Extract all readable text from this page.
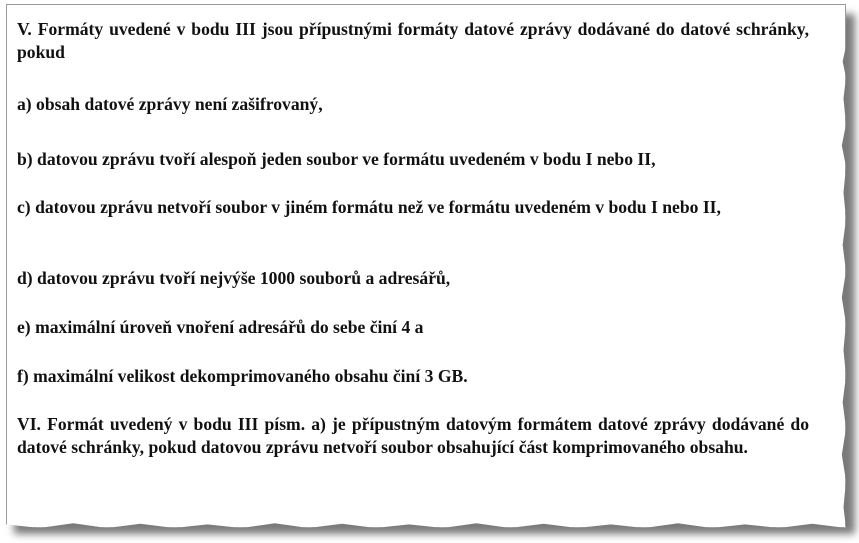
V. Formáty uvedené v bodu III jsou přípustnými formáty datové zprávy dodávané do datové schránky, pokud

a) obsah datové zprávy není zašifrovaný,

b) datovou zprávu tvoří alespoň jeden soubor ve formátu uvedeném v bodu I nebo II,

c) datovou zprávu netvoří soubor v jiném formátu než ve formátu uvedeném v bodu I nebo II,

d) datovou zprávu tvoří nejvýše 1000 souborů a adresářů,

e) maximální úroveň vnoření adresářů do sebe činí 4 a

f) maximální velikost dekomprimovaného obsahu činí 3 GB.

VI. Formát uvedený v bodu III písm. a) je přípustným datovým formátem datové zprávy dodávané do datové schránky, pokud datovou zprávu netvoří soubor obsahující část komprimovaného obsahu.
